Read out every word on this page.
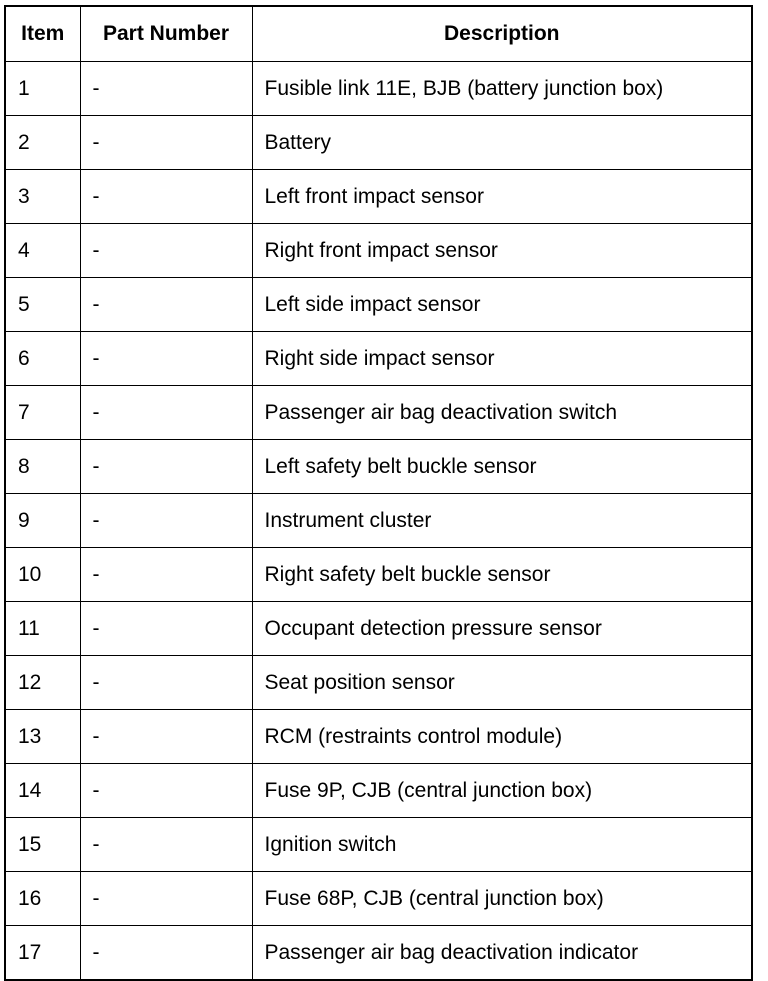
Item	Part Number	Description
1	-	Fusible link 11E, BJB (battery junction box)
2	-	Battery
3	-	Left front impact sensor
4	-	Right front impact sensor
5	-	Left side impact sensor
6	-	Right side impact sensor
7	-	Passenger air bag deactivation switch
8	-	Left safety belt buckle sensor
9	-	Instrument cluster
10	-	Right safety belt buckle sensor
11	-	Occupant detection pressure sensor
12	-	Seat position sensor
13	-	RCM (restraints control module)
14	-	Fuse 9P, CJB (central junction box)
15	-	Ignition switch
16	-	Fuse 68P, CJB (central junction box)
17	-	Passenger air bag deactivation indicator
